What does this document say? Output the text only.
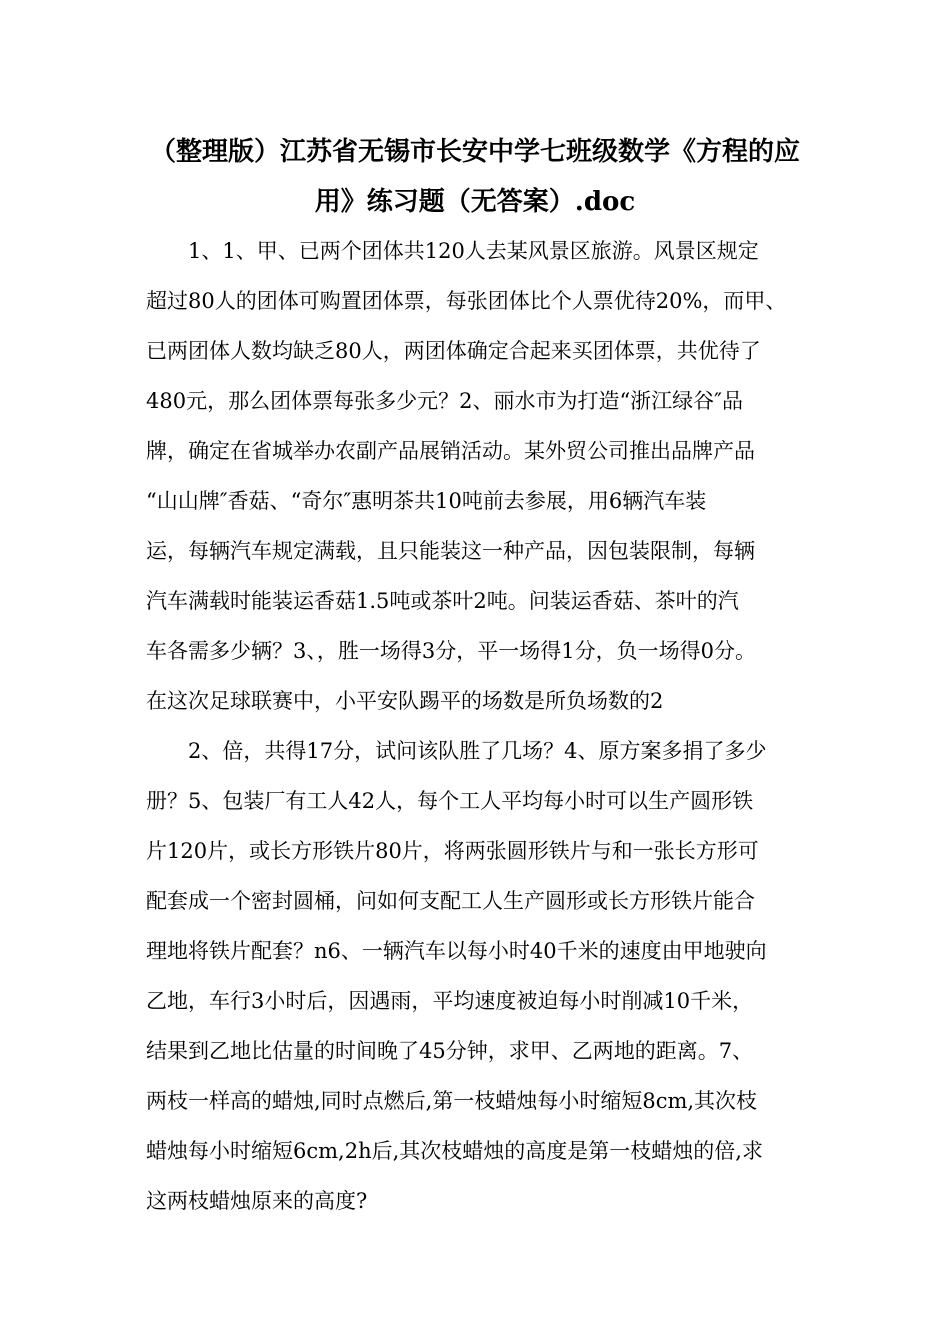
（整理版）江苏省无锡市长安中学七班级数学《方程的应
用》练习题（无答案）.doc
1、1、甲、已两个团体共120人去某风景区旅游。风景区规定
超过80人的团体可购置团体票，每张团体比个人票优待20%，而甲、
已两团体人数均缺乏80人，两团体确定合起来买团体票，共优待了
480元，那么团体票每张多少元？2、丽水市为打造“浙江绿谷″品
牌，确定在省城举办农副产品展销活动。某外贸公司推出品牌产品
“山山牌″香菇、“奇尔″惠明茶共10吨前去参展，用6辆汽车装
运，每辆汽车规定满载，且只能装这一种产品，因包装限制，每辆
汽车满载时能装运香菇1.5吨或茶叶2吨。问装运香菇、茶叶的汽
车各需多少辆？3、，胜一场得3分，平一场得1分，负一场得0分。
在这次足球联赛中，小平安队踢平的场数是所负场数的2
2、倍，共得17分，试问该队胜了几场？4、原方案多捐了多少
册？5、包装厂有工人42人，每个工人平均每小时可以生产圆形铁
片120片，或长方形铁片80片，将两张圆形铁片与和一张长方形可
配套成一个密封圆桶，问如何支配工人生产圆形或长方形铁片能合
理地将铁片配套？n6、一辆汽车以每小时40千米的速度由甲地驶向
乙地，车行3小时后，因遇雨，平均速度被迫每小时削减10千米，
结果到乙地比估量的时间晚了45分钟，求甲、乙两地的距离。7、
两枝一样高的蜡烛,同时点燃后,第一枝蜡烛每小时缩短8cm,其次枝
蜡烛每小时缩短6cm,2h后,其次枝蜡烛的高度是第一枝蜡烛的倍,求
这两枝蜡烛原来的高度?
